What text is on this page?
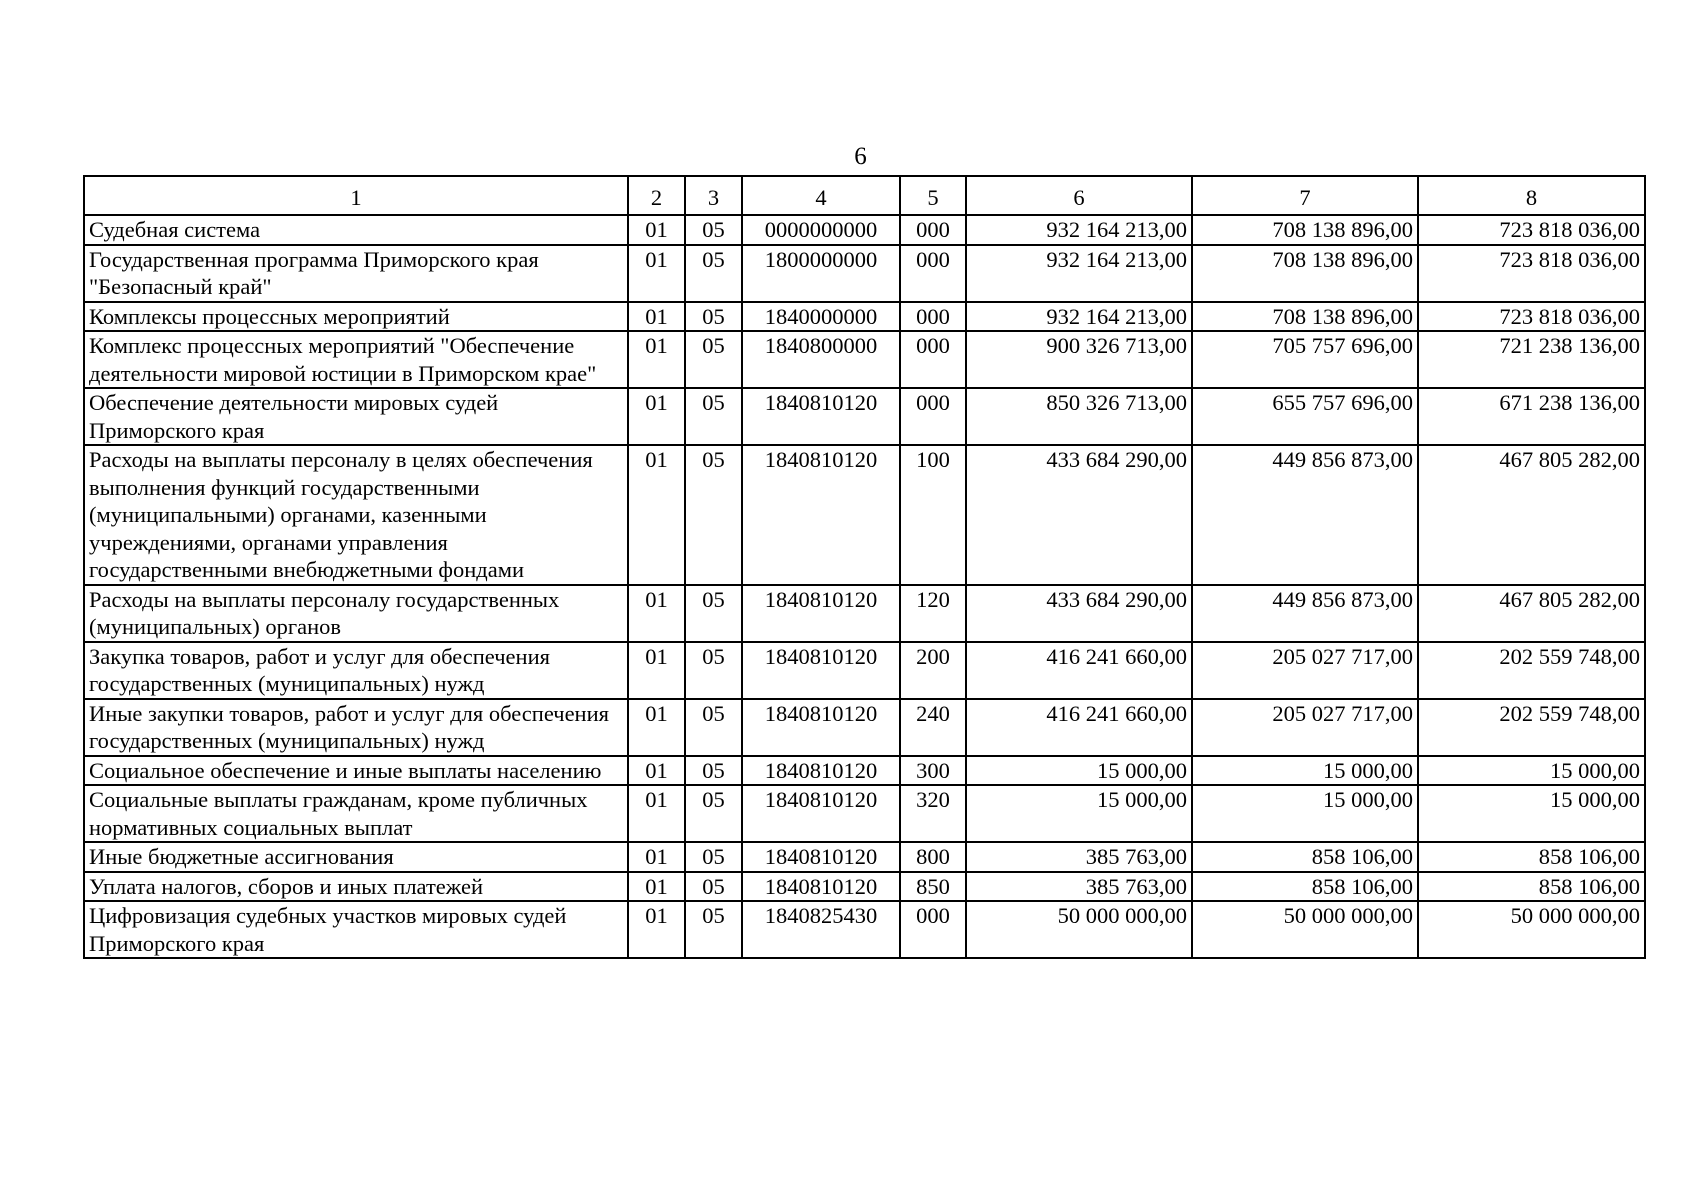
6
1	2	3	4	5	6	7	8
Судебная система	01	05	0000000000	000	932 164 213,00	708 138 896,00	723 818 036,00
Государственная программа Приморского края "Безопасный край"	01	05	1800000000	000	932 164 213,00	708 138 896,00	723 818 036,00
Комплексы процессных мероприятий	01	05	1840000000	000	932 164 213,00	708 138 896,00	723 818 036,00
Комплекс процессных мероприятий "Обеспечение деятельности мировой юстиции в Приморском крае"	01	05	1840800000	000	900 326 713,00	705 757 696,00	721 238 136,00
Обеспечение деятельности мировых судей Приморского края	01	05	1840810120	000	850 326 713,00	655 757 696,00	671 238 136,00
Расходы на выплаты персоналу в целях обеспечения выполнения функций государственными (муниципальными) органами, казенными учреждениями, органами управления государственными внебюджетными фондами	01	05	1840810120	100	433 684 290,00	449 856 873,00	467 805 282,00
Расходы на выплаты персоналу государственных (муниципальных) органов	01	05	1840810120	120	433 684 290,00	449 856 873,00	467 805 282,00
Закупка товаров, работ и услуг для обеспечения государственных (муниципальных) нужд	01	05	1840810120	200	416 241 660,00	205 027 717,00	202 559 748,00
Иные закупки товаров, работ и услуг для обеспечения государственных (муниципальных) нужд	01	05	1840810120	240	416 241 660,00	205 027 717,00	202 559 748,00
Социальное обеспечение и иные выплаты населению	01	05	1840810120	300	15 000,00	15 000,00	15 000,00
Социальные выплаты гражданам, кроме публичных нормативных социальных выплат	01	05	1840810120	320	15 000,00	15 000,00	15 000,00
Иные бюджетные ассигнования	01	05	1840810120	800	385 763,00	858 106,00	858 106,00
Уплата налогов, сборов и иных платежей	01	05	1840810120	850	385 763,00	858 106,00	858 106,00
Цифровизация судебных участков мировых судей Приморского края	01	05	1840825430	000	50 000 000,00	50 000 000,00	50 000 000,00
